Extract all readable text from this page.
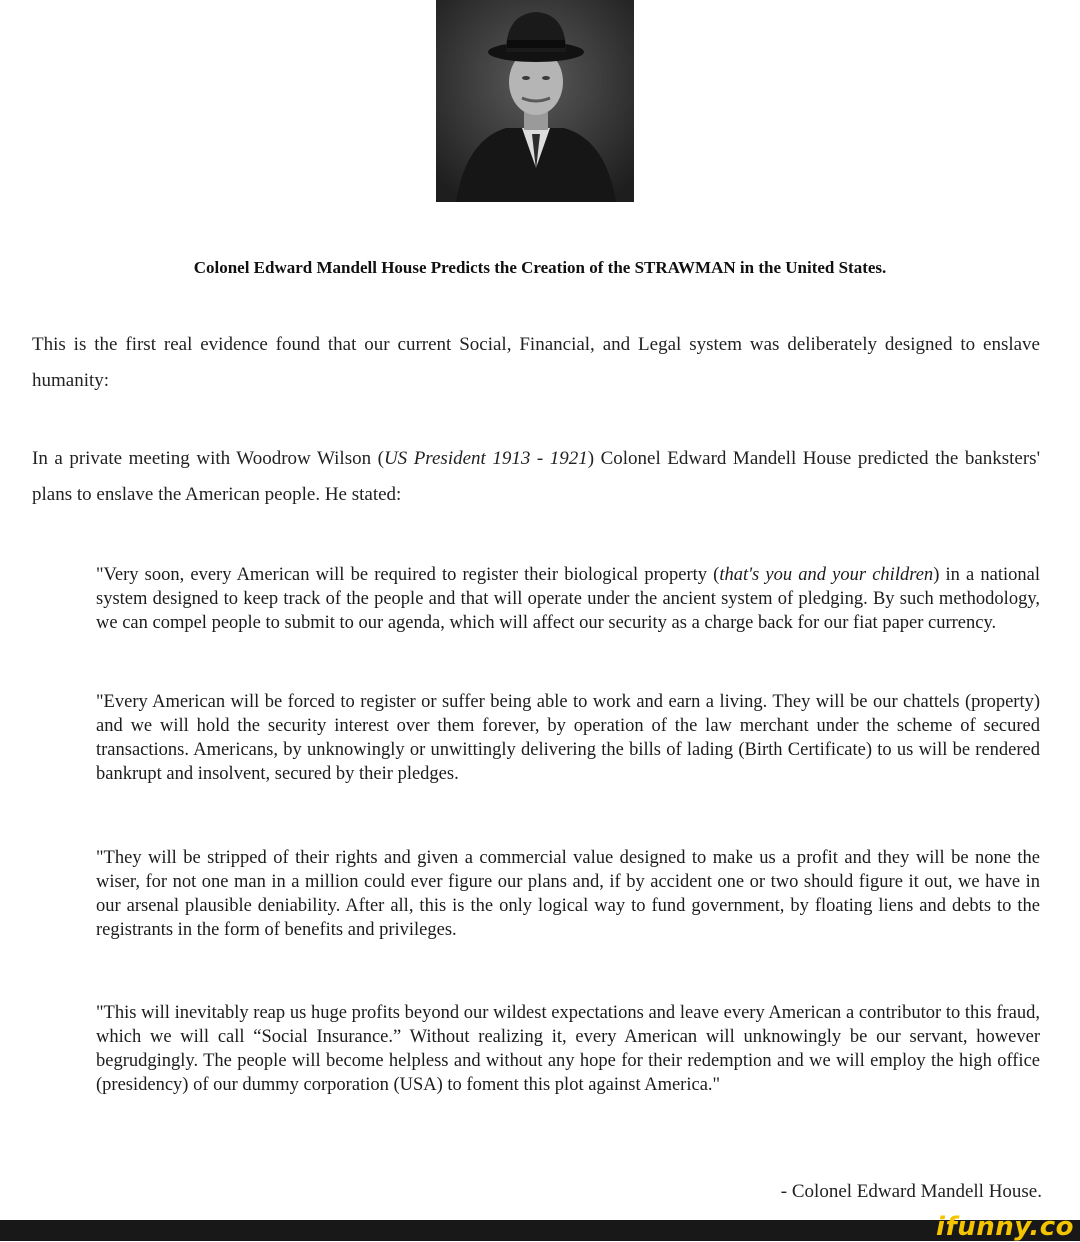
Colonel Edward Mandell House Predicts the Creation of the STRAWMAN in the United States.

This is the first real evidence found that our current Social, Financial, and Legal system was deliberately designed to enslave humanity:

In a private meeting with Woodrow Wilson (US President 1913 - 1921) Colonel Edward Mandell House predicted the banksters' plans to enslave the American people. He stated:

"Very soon, every American will be required to register their biological property (that's you and your children) in a national system designed to keep track of the people and that will operate under the ancient system of pledging. By such methodology, we can compel people to submit to our agenda, which will affect our security as a charge back for our fiat paper currency.

"Every American will be forced to register or suffer being able to work and earn a living. They will be our chattels (property) and we will hold the security interest over them forever, by operation of the law merchant under the scheme of secured transactions. Americans, by unknowingly or unwittingly delivering the bills of lading (Birth Certificate) to us will be rendered bankrupt and insolvent, secured by their pledges.

"They will be stripped of their rights and given a commercial value designed to make us a profit and they will be none the wiser, for not one man in a million could ever figure our plans and, if by accident one or two should figure it out, we have in our arsenal plausible deniability. After all, this is the only logical way to fund government, by floating liens and debts to the registrants in the form of benefits and privileges.

"This will inevitably reap us huge profits beyond our wildest expectations and leave every American a contributor to this fraud, which we will call “Social Insurance.” Without realizing it, every American will unknowingly be our servant, however begrudgingly. The people will become helpless and without any hope for their redemption and we will employ the high office (presidency) of our dummy corporation (USA) to foment this plot against America."

- Colonel Edward Mandell House.
ifunny.co
